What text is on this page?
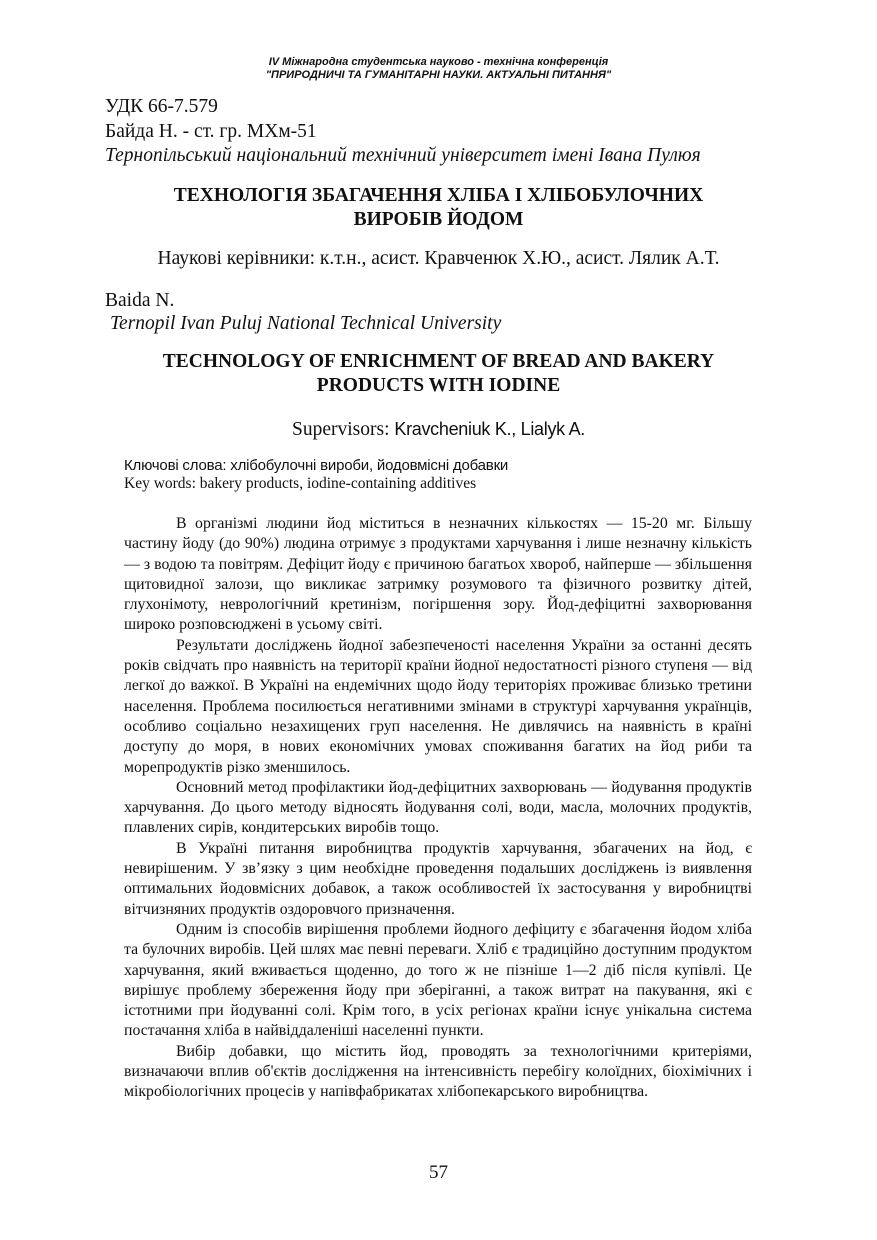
IV Міжнародна студентська науково - технічна конференція
"ПРИРОДНИЧІ ТА ГУМАНІТАРНІ НАУКИ. АКТУАЛЬНІ ПИТАННЯ"
УДК 66-7.579
Байда Н. - ст. гр. МХм-51
Тернопільський національний технічний університет імені Івана Пулюя
ТЕХНОЛОГІЯ ЗБАГАЧЕННЯ ХЛІБА І ХЛІБОБУЛОЧНИХ
ВИРОБІВ ЙОДОМ
Наукові керівники: к.т.н., асист. Кравченюк Х.Ю., асист. Лялик А.Т.
Baida N.
Ternopil Ivan Puluj National Technical University
TECHNOLOGY OF ENRICHMENT OF BREAD AND BAKERY
PRODUCTS WITH IODINE
Supervisors: Kravcheniuk K., Lialyk A.
Ключові слова: хлібобулочні вироби, йодовмісні добавки
Key words: bakery products, iodine-containing additives

В організмі людини йод міститься в незначних кількостях — 15-20 мг. Більшу частину йоду (до 90%) людина отримує з продуктами харчування і лише незначну кількість — з водою та повітрям. Дефіцит йоду є причиною багатьох хвороб, найперше — збільшення щитовидної залози, що викликає затримку розумового та фізичного розвитку дітей, глухонімоту, неврологічний кретинізм, погіршення зору. Йод-дефіцитні захворювання широко розповсюджені в усьому світі.

Результати досліджень йодної забезпеченості населення України за останні десять років свідчать про наявність на території країни йодної недостатності різного ступеня — від легкої до важкої. В Україні на ендемічних щодо йоду територіях проживає близько третини населення. Проблема посилюється негативними змінами в структурі харчування українців, особливо соціально незахищених груп населення. Не дивлячись на наявність в країні доступу до моря, в нових економічних умовах споживання багатих на йод риби та морепродуктів різко зменшилось.

Основний метод профілактики йод-дефіцитних захворювань — йодування продуктів харчування. До цього методу відносять йодування солі, води, масла, молочних продуктів, плавлених сирів, кондитерських виробів тощо.

В Україні питання виробництва продуктів харчування, збагачених на йод, є невирішеним. У зв’язку з цим необхідне проведення подальших досліджень із виявлення оптимальних йодовмісних добавок, а також особливостей їх застосування у виробництві вітчизняних продуктів оздоровчого призначення.

Одним із способів вирішення проблеми йодного дефіциту є збагачення йодом хліба та булочних виробів. Цей шлях має певні переваги. Хліб є традиційно доступним продуктом харчування, який вживається щоденно, до того ж не пізніше 1—2 діб після купівлі. Це вирішує проблему збереження йоду при зберіганні, а також витрат на пакування, які є істотними при йодуванні солі. Крім того, в усіх регіонах країни існує унікальна система постачання хліба в найвіддаленіші населенні пункти.

Вибір добавки, що містить йод, проводять за технологічними критеріями, визначаючи вплив об'єктів дослідження на інтенсивність перебігу колоїдних, біохімічних і мікробіологічних процесів у напівфабрикатах хлібопекарського виробництва.

57
